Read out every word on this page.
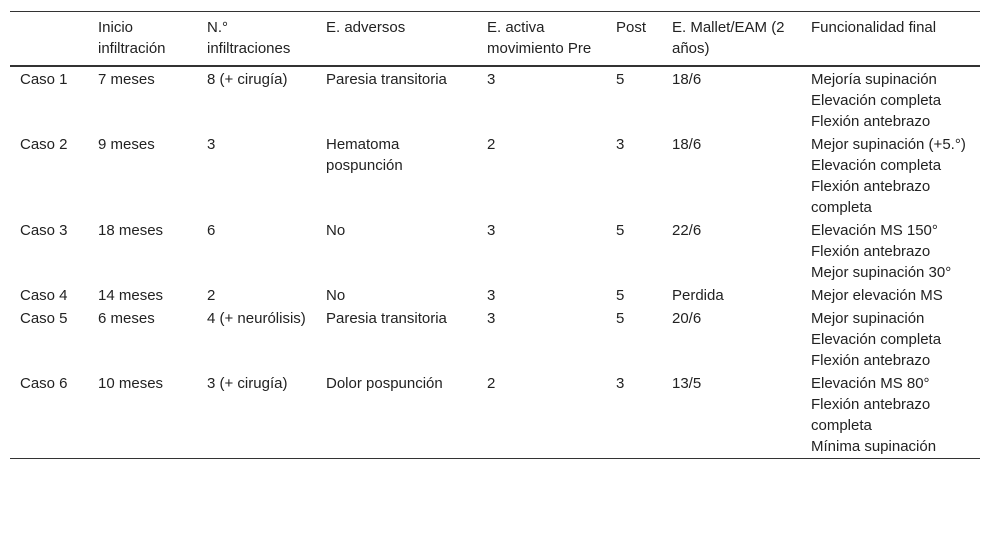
	Inicio infiltración	N.° infiltraciones	E. adversos	E. activa movimiento Pre	Post	E. Mallet/EAM (2 años)	Funcionalidad final
Caso 1	7 meses	8 (+ cirugía)	Paresia transitoria	3	5	18/6	Mejoría supinación
Elevación completa
Flexión antebrazo

Caso 2	9 meses	3	Hematoma pospunción	2	3	18/6	Mejor supinación (+5.°)
Elevación completa
Flexión antebrazo completa

Caso 3	18 meses	6	No	3	5	22/6	Elevación MS 150°
Flexión antebrazo
Mejor supinación 30°

Caso 4	14 meses	2	No	3	5	Perdida	Mejor elevación MS

Caso 5	6 meses	4 (+ neurólisis)	Paresia transitoria	3	5	20/6	Mejor supinación
Elevación completa
Flexión antebrazo

Caso 6	10 meses	3 (+ cirugía)	Dolor pospunción	2	3	13/5	Elevación MS 80°
Flexión antebrazo completa
Mínima supinación
